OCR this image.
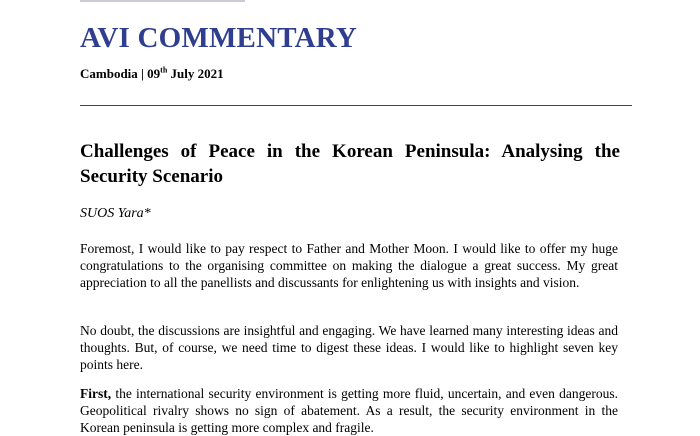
AVI COMMENTARY
Cambodia | 09th July 2021
Challenges of Peace in the Korean Peninsula: Analysing the Security Scenario
SUOS Yara*

Foremost, I would like to pay respect to Father and Mother Moon. I would like to offer my huge congratulations to the organising committee on making the dialogue a great success. My great appreciation to all the panellists and discussants for enlightening us with insights and vision.

No doubt, the discussions are insightful and engaging. We have learned many interesting ideas and thoughts. But, of course, we need time to digest these ideas. I would like to highlight seven key points here.

First, the international security environment is getting more fluid, uncertain, and even dangerous. Geopolitical rivalry shows no sign of abatement. As a result, the security environment in the Korean peninsula is getting more complex and fragile.
